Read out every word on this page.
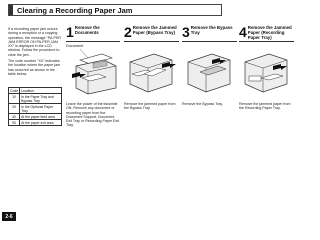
Clearing a Recording Paper Jam

If a recording paper jam occurs during a reception or a copying operation, the message "PA-PER JAM ERROR ON PA-PER JAM XX" is displayed in the LCD window. Follow the procedure to clear the jam.

The code number "XX" indicates the location where the paper jam has occurred as shown in the table below.

Code	Location
10	In the Paper Tray and Bypass Tray
20	In the Optional Paper Tray
30	At the paper feed area
90	At the paper exit area
1 Remove the
Documents
Document
Leave the power of the facsimile ON. Remove any document or recording paper from the Document Support, Document Exit Tray or Recording Paper Exit Tray.
2 Remove the Jammed
Paper (Bypass Tray)
Remove the jammed paper from the Bypass Tray.
3 Remove the Bypass
Tray
Remove the Bypass Tray.
4 Remove the Jammed
Paper (Recording
Paper Tray)
Remove the jammed paper from the Recording Paper Tray.
2-6
